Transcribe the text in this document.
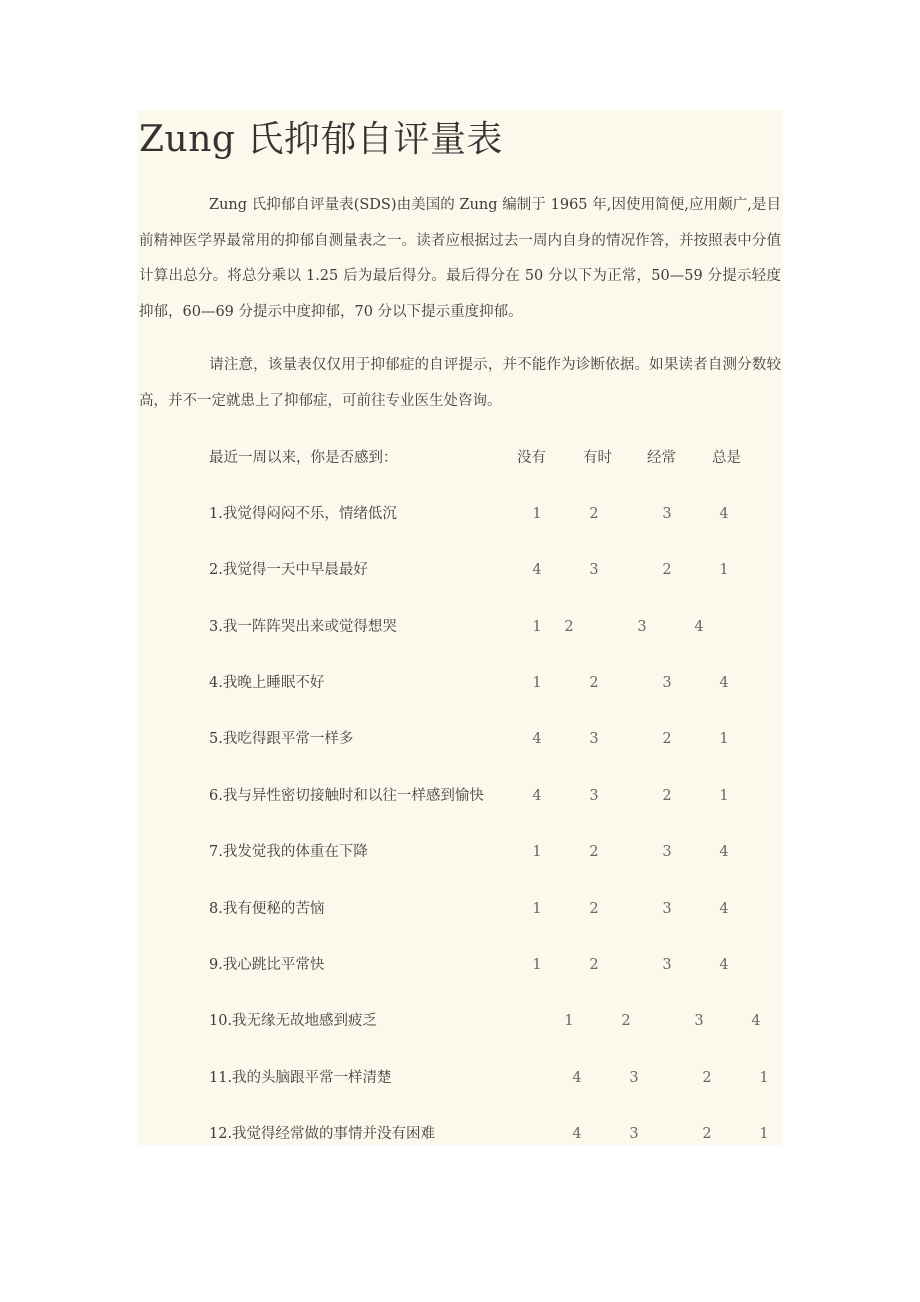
Zung 氏抑郁自评量表
Zung 氏抑郁自评量表(SDS)由美国的 Zung 编制于 1965 年,因使用简便,应用颇广,是目前精神医学界最常用的抑郁自测量表之一。读者应根据过去一周内自身的情况作答，并按照表中分值计算出总分。将总分乘以 1.25 后为最后得分。最后得分在 50 分以下为正常，50—59 分提示轻度抑郁，60—69 分提示中度抑郁，70 分以下提示重度抑郁。
请注意，该量表仅仅用于抑郁症的自评提示，并不能作为诊断依据。如果读者自测分数较高，并不一定就患上了抑郁症，可前往专业医生处咨询。
最近一周以来，你是否感到：	没有	有时 经常 总是
1.我觉得闷闷不乐，情绪低沉	1	2	3	4
2.我觉得一天中早晨最好	4	3	2	1
3.我一阵阵哭出来或觉得想哭	1	2	3	4
4.我晚上睡眠不好	1	2	3	4
5.我吃得跟平常一样多	4	3	2	1
6.我与异性密切接触时和以往一样感到愉快	4	3	2	1
7.我发觉我的体重在下降	1	2	3	4
8.我有便秘的苦恼	1	2	3	4
9.我心跳比平常快	1	2	3	4
10.我无缘无故地感到疲乏	1	2	3	4
11.我的头脑跟平常一样清楚	4	3	2	1
12.我觉得经常做的事情并没有困难	4	3	2	1
